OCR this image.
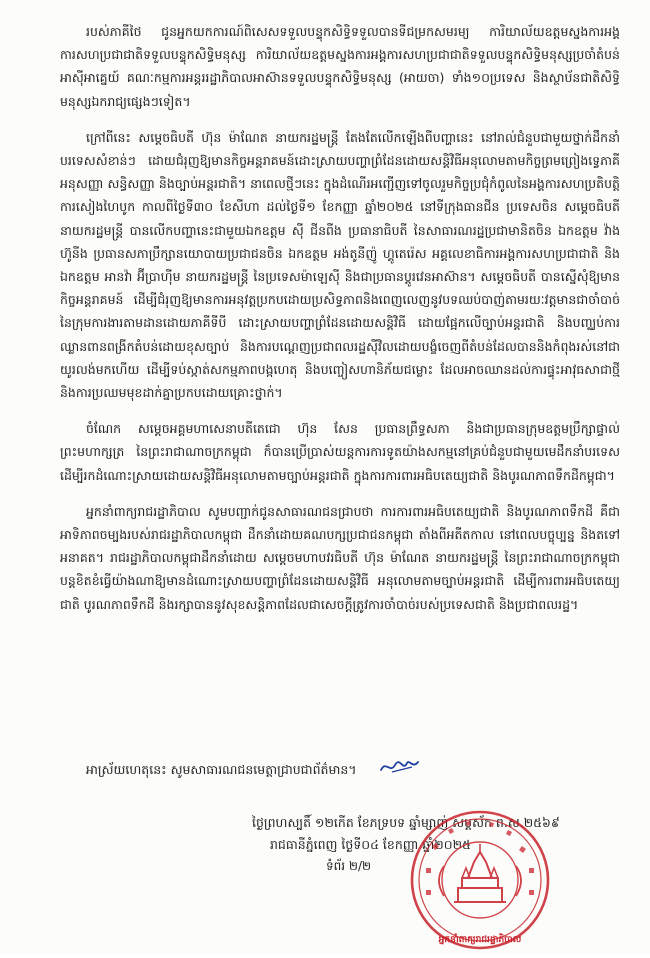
របស់ភាគីថៃ ជូនអ្នកយកការណ៍ពិសេសទទួលបន្ទុកសិទ្ធិទទួលបានទីជម្រកសមរម្យ ការិយាល័យឧត្តមស្នងការអង្គការសហប្រជាជាតិទទួលបន្ទុកសិទ្ធិមនុស្ស ការិយាល័យឧត្តមស្នងការអង្គការសហប្រជាជាតិទទួលបន្ទុកសិទ្ធិមនុស្សប្រចាំតំបន់អាស៊ីអាគ្នេយ៍ គណៈកម្មការអន្តររដ្ឋាភិបាលអាស៊ានទទួលបន្ទុកសិទ្ធិមនុស្ស (អាយចា) ទាំង១០ប្រទេស និងស្ថាប័នជាតិសិទ្ធិមនុស្សឯករាជ្យផ្សេងៗទៀត។

ក្រៅពីនេះ សម្តេចធិបតី ហ៊ុន ម៉ាណែត នាយករដ្ឋមន្ត្រី តែងតែលើកឡើងពីបញ្ហានេះ នៅរាល់ជំនួបជាមួយថ្នាក់ដឹកនាំបរទេសសំខាន់ៗ ដោយជំរុញឱ្យមានកិច្ចអន្តរាគមន៍ដោះស្រាយបញ្ហាព្រំដែនដោយសន្តិវិធីអនុលោមតាមកិច្ចព្រមព្រៀងទ្វេភាគី អនុសញ្ញា សន្ធិសញ្ញា និងច្បាប់អន្តរជាតិ។ នាពេលថ្មីៗនេះ ក្នុងដំណើរអញ្ជើញទៅចូលរួមកិច្ចប្រជុំកំពូលនៃអង្គការសហប្រតិបត្តិការសៀងហៃបូក កាលពីថ្ងៃទី៣០ ខែសីហា ដល់ថ្ងៃទី១ ខែកញ្ញា ឆ្នាំ២០២៥ នៅទីក្រុងធានជីន ប្រទេសចិន សម្តេចធិបតីនាយករដ្ឋមន្ត្រី បានលើកបញ្ហានេះជាមួយឯកឧត្តម ស៊ី ជីនពីង ប្រធានាធិបតី នៃសាធារណរដ្ឋប្រជាមានិតចិន ឯកឧត្តម វ៉ាង ហ៊ូនីង ប្រធានសភាប្រឹក្សានយោបាយប្រជាជនចិន ឯកឧត្តម អង់តូនីញ៉ូ ហ្គូតេរ៉េស អគ្គលេខាធិការអង្គការសហប្រជាជាតិ និង ឯកឧត្តម អានវ៉ា អ៊ីប្រាហ៊ីម នាយករដ្ឋមន្ត្រី នៃប្រទេសម៉ាឡេស៊ី និងជាប្រធានប្តូរវេនអាស៊ាន។ សម្តេចធិបតី បានស្នើសុំឱ្យមានកិច្ចអន្តរាគមន៍ ដើម្បីជំរុញឱ្យមានការអនុវត្តប្រកបដោយប្រសិទ្ធភាពនិងពេញលេញនូវបទឈប់បាញ់តាមរយៈវត្តមានជាចាំបាច់នៃក្រុមការងារតាមដានដោយភាគីទីបី ដោះស្រាយបញ្ហាព្រំដែនដោយសន្តិវិធី ដោយផ្អែកលើច្បាប់អន្តរជាតិ និងបញ្ឈប់ការឈ្លានពានពង្រីកតំបន់ដោយខុសច្បាប់ និងការបណ្តេញប្រជាពលរដ្ឋស៊ីវិលដោយបង្ខំចេញពីតំបន់ដែលបាននិងកំពុងរស់នៅជាយូរលង់មកហើយ ដើម្បីទប់ស្កាត់សកម្មភាពបង្កហេតុ និងបញ្ចៀសហានិភ័យជម្លោះ ដែលអាចឈានដល់ការផ្ទុះអាវុធសាជាថ្មី និងការប្រឈមមុខដាក់គ្នាប្រកបដោយគ្រោះថ្នាក់។

ចំណែក សម្តេចអគ្គមហាសេនាបតីតេជោ ហ៊ុន សែន ប្រធានព្រឹទ្ធសភា និងជាប្រធានក្រុមឧត្តមប្រឹក្សាផ្ទាល់ព្រះមហាក្សត្រ នៃព្រះរាជាណាចក្រកម្ពុជា ក៏បានប្រើប្រាស់យន្តការការទូតយ៉ាងសកម្មនៅគ្រប់ជំនួបជាមួយមេដឹកនាំបរទេស ដើម្បីរកដំណោះស្រាយដោយសន្តិវិធីអនុលោមតាមច្បាប់អន្តរជាតិ ក្នុងការការពារអធិបតេយ្យជាតិ និងបូរណភាពទឹកដីកម្ពុជា។

អ្នកនាំពាក្យរាជរដ្ឋាភិបាល សូមបញ្ជាក់ជូនសាធារណជនជ្រាបថា ការការពារអធិបតេយ្យជាតិ និងបូរណភាពទឹកដី គឺជាអាទិភាពចម្បងរបស់រាជរដ្ឋាភិបាលកម្ពុជា ដឹកនាំដោយគណបក្សប្រជាជនកម្ពុជា តាំងពីអតីតកាល នៅពេលបច្ចុប្បន្ន និងតទៅអនាគត។ រាជរដ្ឋាភិបាលកម្ពុជាដឹកនាំដោយ សម្តេចមហាបវរធិបតី ហ៊ុន ម៉ាណែត នាយករដ្ឋមន្ត្រី នៃព្រះរាជាណាចក្រកម្ពុជា បន្តខិតខំធ្វើយ៉ាងណាឱ្យមានដំណោះស្រាយបញ្ហាព្រំដែនដោយសន្តិវិធី អនុលោមតាមច្បាប់អន្តរជាតិ ដើម្បីការពារអធិបតេយ្យជាតិ បូរណភាពទឹកដី និងរក្សាបាននូវសុខសន្តិភាពដែលជាសេចក្តីត្រូវការចាំបាច់របស់ប្រទេសជាតិ និងប្រជាពលរដ្ឋ។

អាស្រ័យហេតុនេះ សូមសាធារណជនមេត្តាជ្រាបជាព័ត៌មាន។
ថ្ងៃព្រហស្បតិ៍ ១២កើត ខែភទ្របទ ឆ្នាំម្សាញ់ សប្តស័ក ព.ស.២៥៦៩
រាជធានីភ្នំពេញ ថ្ងៃទី០៤ ខែកញ្ញា ឆ្នាំ២០២៥
ទំព័រ ២/២
អ្នកនាំពាក្យរាជរដ្ឋាភិបាល
